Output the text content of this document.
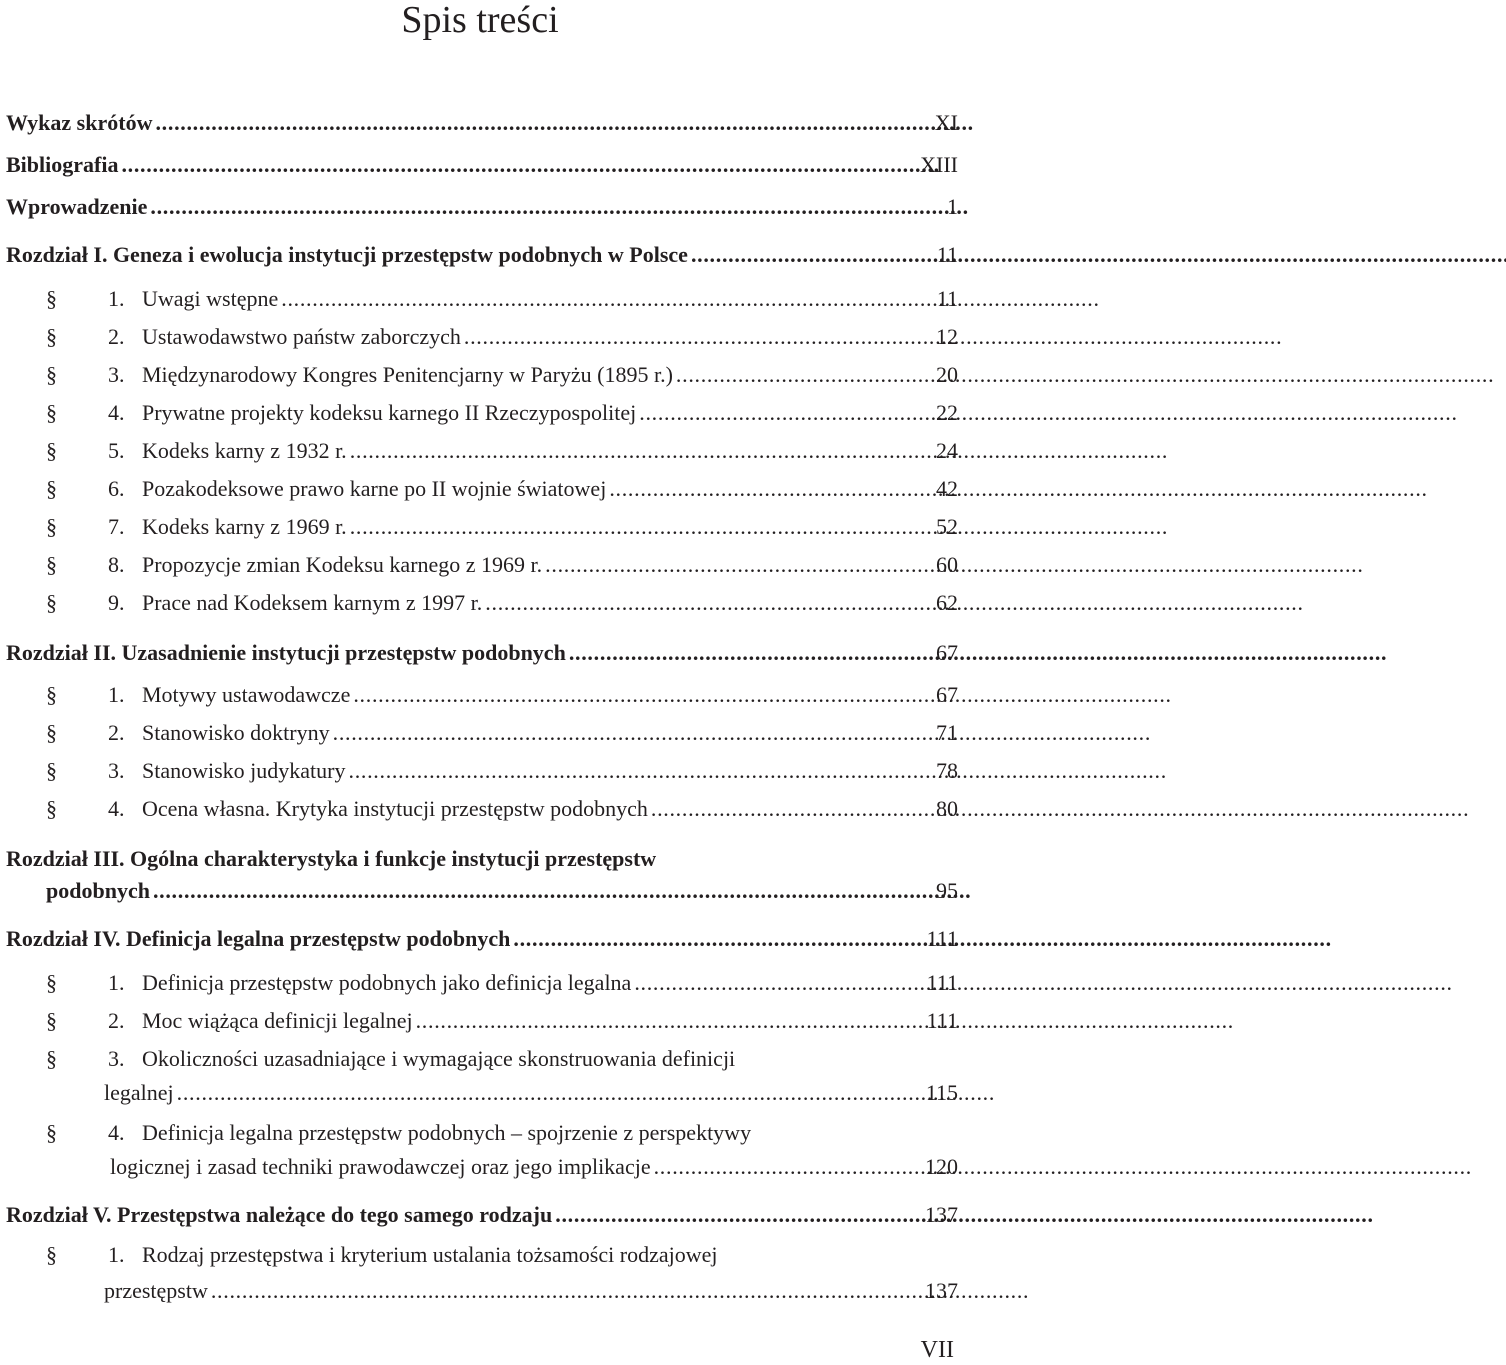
Spis treści
Wykaz skrótów . . .	XI
Bibliografia . . .	XIII
Wprowadzenie . . .	1
Rozdział I. Geneza i ewolucja instytucji przestępstw podobnych w Polsce . . .	11
§	1. Uwagi wstępne . . .	11
§	2. Ustawodawstwo państw zaborczych . . .	12
§	3. Międzynarodowy Kongres Penitencjarny w Paryżu (1895 r.) . . .	20
§	4. Prywatne projekty kodeksu karnego II Rzeczypospolitej . . .	22
§	5. Kodeks karny z 1932 r. . . .	24
§	6. Pozakodeksowe prawo karne po II wojnie światowej . . .	42
§	7. Kodeks karny z 1969 r. . . .	52
§	8. Propozycje zmian Kodeksu karnego z 1969 r. . . .	60
§	9. Prace nad Kodeksem karnym z 1997 r. . . .	62
Rozdział II. Uzasadnienie instytucji przestępstw podobnych . . .	67
§	1. Motywy ustawodawcze . . .	67
§	2. Stanowisko doktryny . . .	71
§	3. Stanowisko judykatury . . .	78
§	4. Ocena własna. Krytyka instytucji przestępstw podobnych . . .	80
Rozdział III. Ogólna charakterystyka i funkcje instytucji przestępstw
podobnych . . .	95
Rozdział IV. Definicja legalna przestępstw podobnych . . .	111
§	1. Definicja przestępstw podobnych jako definicja legalna . . .	111
§	2. Moc wiążąca definicji legalnej . . .	111
§	3. Okoliczności uzasadniające i wymagające skonstruowania definicji
legalnej . . .	115
§	4. Definicja legalna przestępstw podobnych – spojrzenie z perspektywy
logicznej i zasad techniki prawodawczej oraz jego implikacje . . .	120
Rozdział V. Przestępstwa należące do tego samego rodzaju . . .	137
§	1. Rodzaj przestępstwa i kryterium ustalania tożsamości rodzajowej
przestępstw . . .	137
VII
